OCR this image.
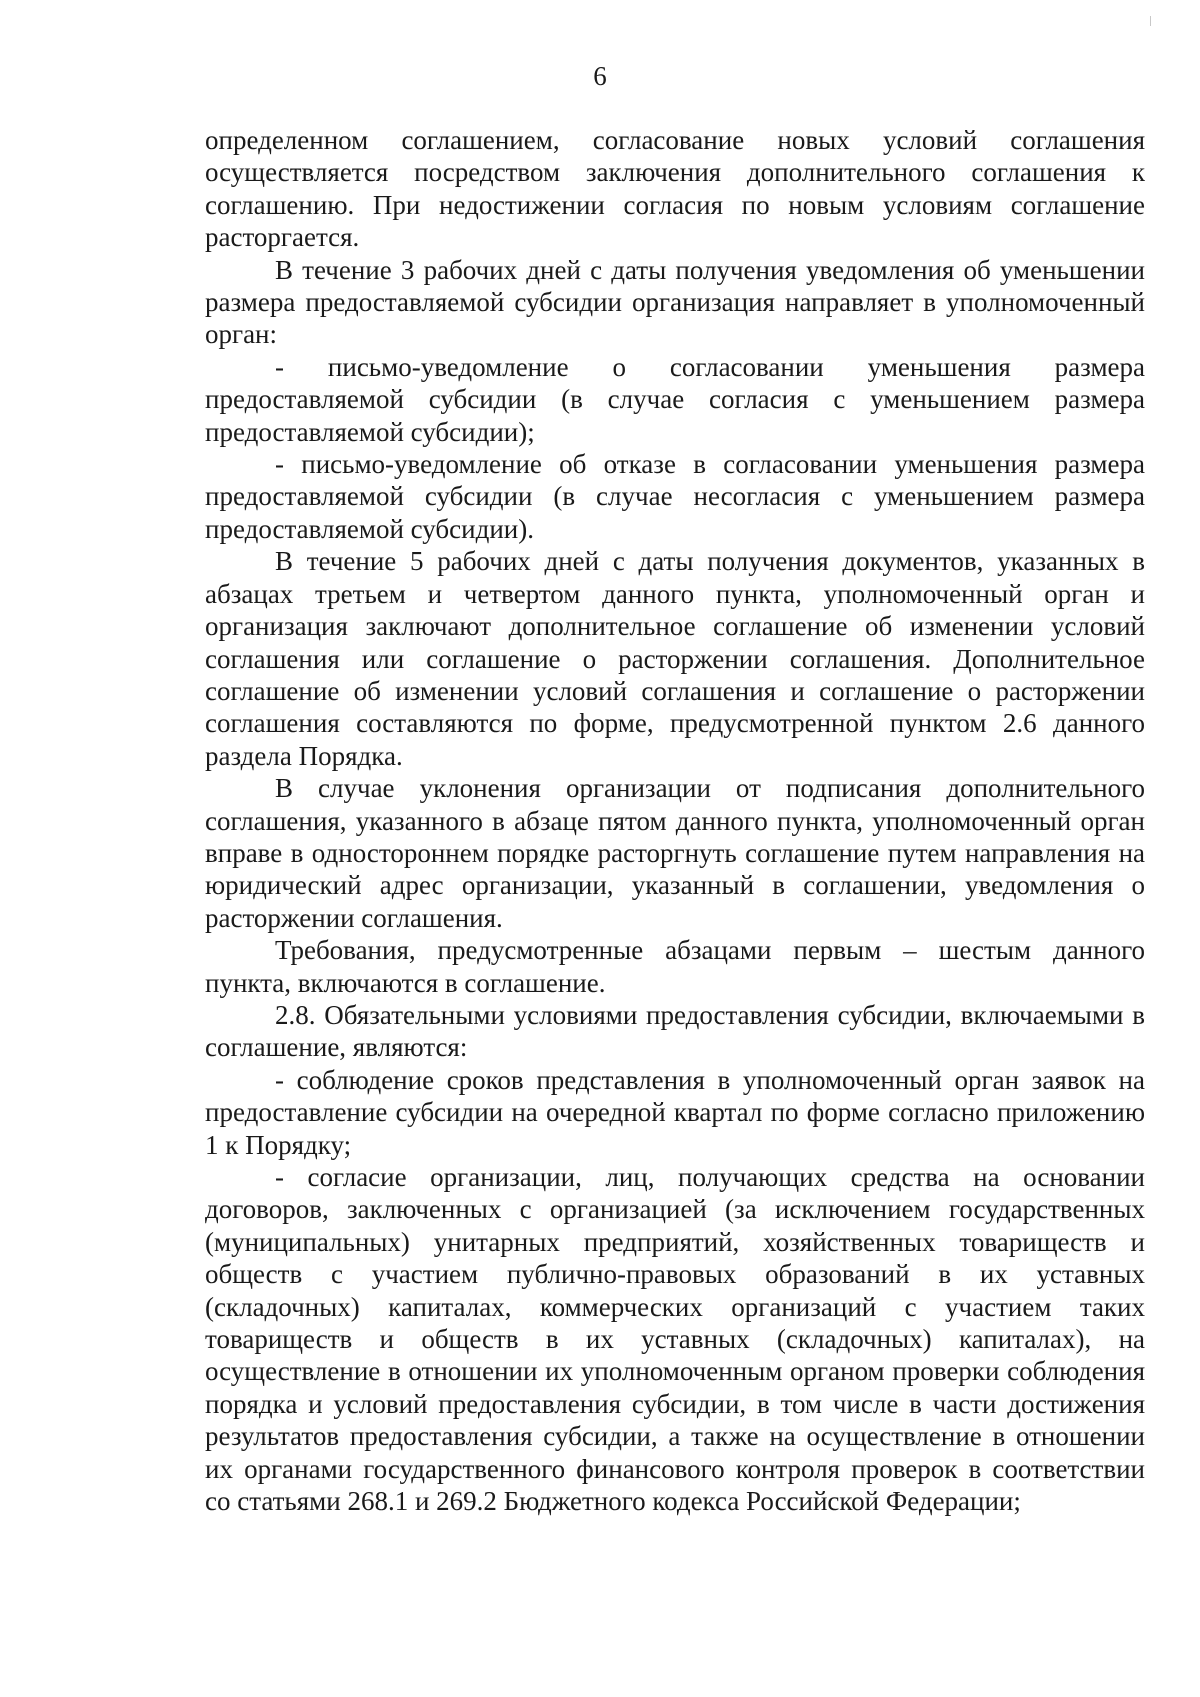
6

определенном соглашением, согласование новых условий соглашения осуществляется посредством заключения дополнительного соглашения к соглашению. При недостижении согласия по новым условиям соглашение расторгается.

В течение 3 рабочих дней с даты получения уведомления об уменьшении размера предоставляемой субсидии организация направляет в уполномоченный орган:

- письмо-уведомление о согласовании уменьшения размера предоставляемой субсидии (в случае согласия с уменьшением размера предоставляемой субсидии);

- письмо-уведомление об отказе в согласовании уменьшения размера предоставляемой субсидии (в случае несогласия с уменьшением размера предоставляемой субсидии).

В течение 5 рабочих дней с даты получения документов, указанных в абзацах третьем и четвертом данного пункта, уполномоченный орган и организация заключают дополнительное соглашение об изменении условий соглашения или соглашение о расторжении соглашения. Дополнительное соглашение об изменении условий соглашения и соглашение о расторжении соглашения составляются по форме, предусмотренной пунктом 2.6 данного раздела Порядка.

В случае уклонения организации от подписания дополнительного соглашения, указанного в абзаце пятом данного пункта, уполномоченный орган вправе в одностороннем порядке расторгнуть соглашение путем направления на юридический адрес организации, указанный в соглашении, уведомления о расторжении соглашения.

Требования, предусмотренные абзацами первым – шестым данного пункта, включаются в соглашение.

2.8. Обязательными условиями предоставления субсидии, включаемыми в соглашение, являются:

- соблюдение сроков представления в уполномоченный орган заявок на предоставление субсидии на очередной квартал по форме согласно приложению 1 к Порядку;

- согласие организации, лиц, получающих средства на основании договоров, заключенных с организацией (за исключением государственных (муниципальных) унитарных предприятий, хозяйственных товариществ и обществ с участием публично-правовых образований в их уставных (складочных) капиталах, коммерческих организаций с участием таких товариществ и обществ в их уставных (складочных) капиталах), на осуществление в отношении их уполномоченным органом проверки соблюдения порядка и условий предоставления субсидии, в том числе в части достижения результатов предоставления субсидии, а также на осуществление в отношении их органами государственного финансового контроля проверок в соответствии со статьями 268.1 и 269.2 Бюджетного кодекса Российской Федерации;
